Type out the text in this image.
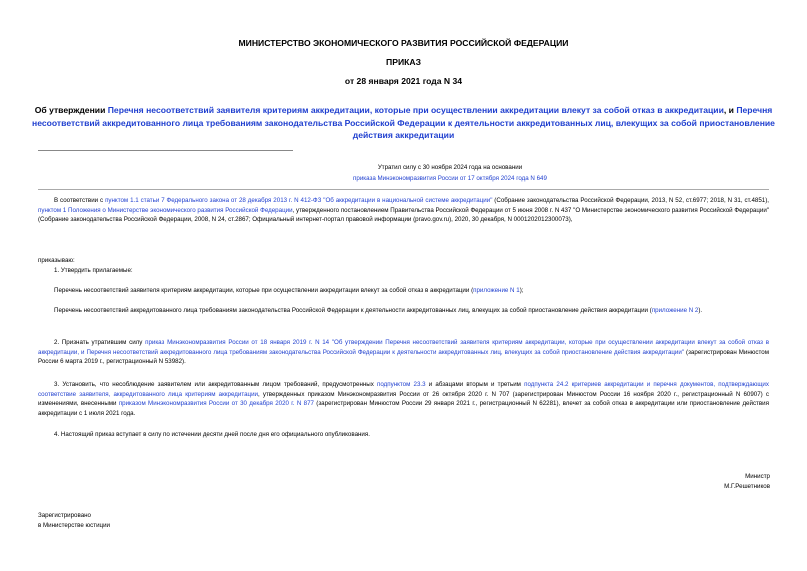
МИНИСТЕРСТВО ЭКОНОМИЧЕСКОГО РАЗВИТИЯ РОССИЙСКОЙ ФЕДЕРАЦИИ
ПРИКАЗ
от 28 января 2021 года N 34
Об утверждении Перечня несоответствий заявителя критериям аккредитации, которые при осуществлении аккредитации влекут за собой отказ в аккредитации, и Перечня несоответствий аккредитованного лица требованиям законодательства Российской Федерации к деятельности аккредитованных лиц, влекущих за собой приостановление действия аккредитации
Утратил силу с 30 ноября 2024 года на основании
приказа Минэкономразвития России от 17 октября 2024 года N 649
В соответствии с пунктом 1.1 статьи 7 Федерального закона от 28 декабря 2013 г. N 412-ФЗ "Об аккредитации в национальной системе аккредитации" (Собрание законодательства Российской Федерации, 2013, N 52, ст.6977; 2018, N 31, ст.4851), пунктом 1 Положения о Министерстве экономического развития Российской Федерации, утвержденного постановлением Правительства Российской Федерации от 5 июня 2008 г. N 437 "О Министерстве экономического развития Российской Федерации" (Собрание законодательства Российской Федерации, 2008, N 24, ст.2867; Официальный интернет-портал правовой информации (pravo.gov.ru), 2020, 30 декабря, N 0001202012300073),
приказываю:
1. Утвердить прилагаемые:
Перечень несоответствий заявителя критериям аккредитации, которые при осуществлении аккредитации влекут за собой отказ в аккредитации (приложение N 1);
Перечень несоответствий аккредитованного лица требованиям законодательства Российской Федерации к деятельности аккредитованных лиц, влекущих за собой приостановление действия аккредитации (приложение N 2).
2. Признать утратившим силу приказ Минэкономразвития России от 18 января 2019 г. N 14 "Об утверждении Перечня несоответствий заявителя критериям аккредитации, которые при осуществлении аккредитации влекут за собой отказ в аккредитации, и Перечня несоответствий аккредитованного лица требованиям законодательства Российской Федерации к деятельности аккредитованных лиц, влекущих за собой приостановление действия аккредитации" (зарегистрирован Минюстом России 6 марта 2019 г., регистрационный N 53982).
3. Установить, что несоблюдение заявителем или аккредитованным лицом требований, предусмотренных подпунктом 23.3 и абзацами вторым и третьим подпункта 24.2 критериев аккредитации и перечня документов, подтверждающих соответствие заявителя, аккредитованного лица критериям аккредитации, утвержденных приказом Минэкономразвития России от 26 октября 2020 г. N 707 (зарегистрирован Минюстом России 16 ноября 2020 г., регистрационный N 60907) с изменениями, внесенными приказом Минэкономразвития России от 30 декабря 2020 г. N 877 (зарегистрирован Минюстом России 29 января 2021 г., регистрационный N 62281), влечет за собой отказ в аккредитации или приостановление действия аккредитации с 1 июля 2021 года.
4. Настоящий приказ вступает в силу по истечении десяти дней после дня его официального опубликования.
Министр
М.Г.Решетников
Зарегистрировано
в Министерстве юстиции
